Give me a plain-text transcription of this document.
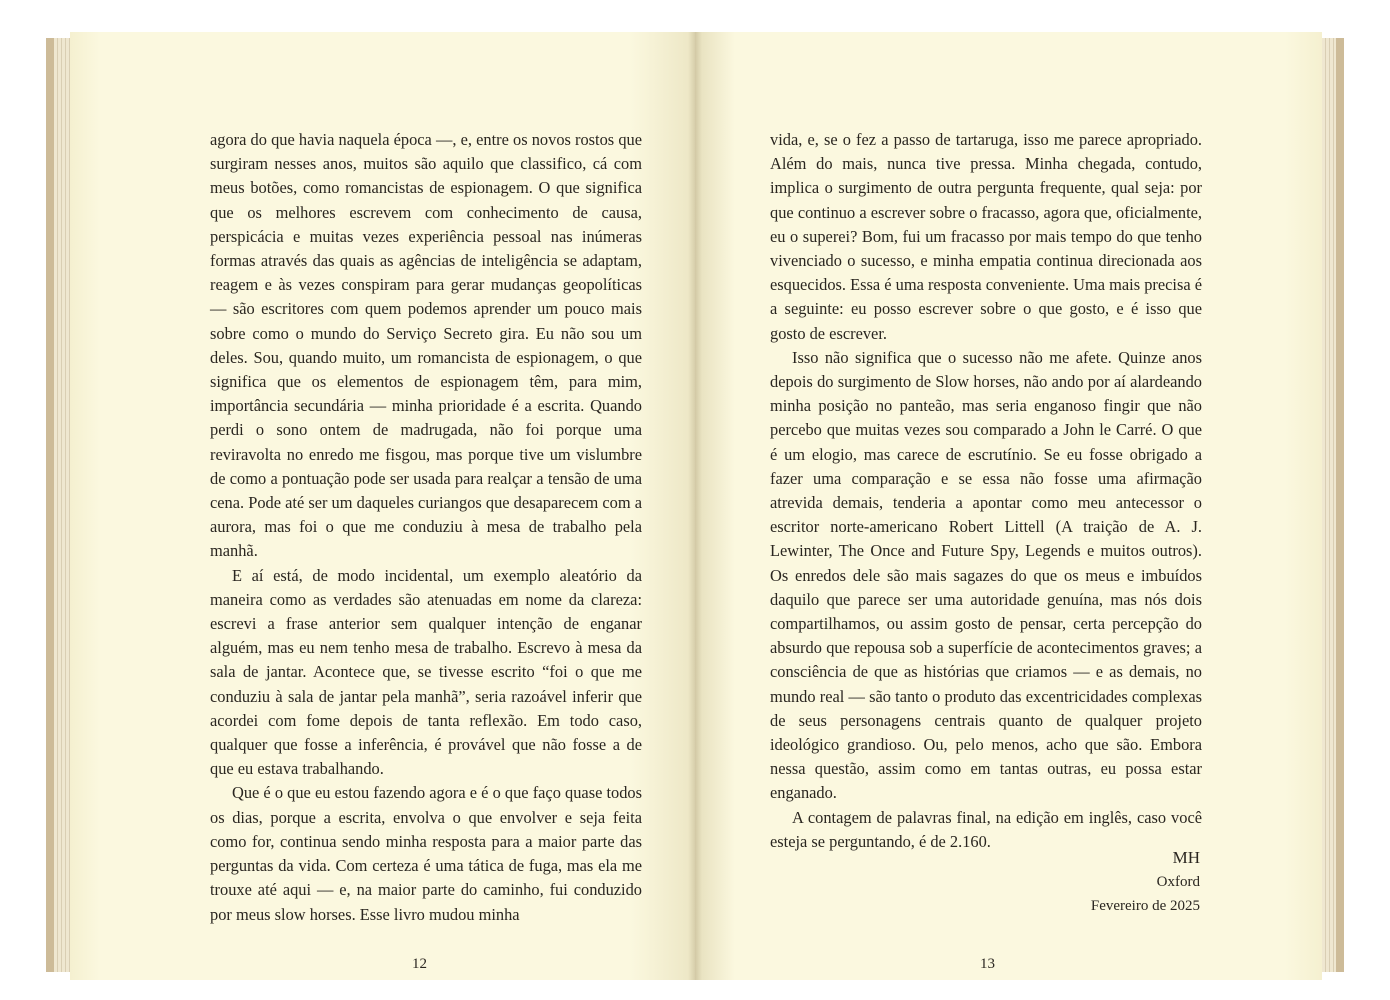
agora do que havia naquela época —, e, entre os novos rostos que surgiram nesses anos, muitos são aquilo que classifico, cá com meus botões, como romancistas de espionagem. O que significa que os melhores escrevem com conhecimento de causa, perspicácia e muitas vezes experiência pessoal nas inúmeras formas através das quais as agências de inteligência se adaptam, reagem e às vezes conspiram para gerar mudanças geopolíticas — são escritores com quem podemos aprender um pouco mais sobre como o mundo do Serviço Secreto gira. Eu não sou um deles. Sou, quando muito, um romancista de espionagem, o que significa que os elementos de espionagem têm, para mim, importância secundária — minha prioridade é a escrita. Quando perdi o sono ontem de madrugada, não foi porque uma reviravolta no enredo me fisgou, mas porque tive um vislumbre de como a pontuação pode ser usada para realçar a tensão de uma cena. Pode até ser um daqueles curiangos que desaparecem com a aurora, mas foi o que me conduziu à mesa de trabalho pela manhã.

E aí está, de modo incidental, um exemplo aleatório da maneira como as verdades são atenuadas em nome da clareza: escrevi a frase anterior sem qualquer intenção de enganar alguém, mas eu nem tenho mesa de trabalho. Escrevo à mesa da sala de jantar. Acontece que, se tivesse escrito “foi o que me conduziu à sala de jantar pela manhã”, seria razoável inferir que acordei com fome depois de tanta reflexão. Em todo caso, qualquer que fosse a inferência, é provável que não fosse a de que eu estava trabalhando.

Que é o que eu estou fazendo agora e é o que faço quase todos os dias, porque a escrita, envolva o que envolver e seja feita como for, continua sendo minha resposta para a maior parte das perguntas da vida. Com certeza é uma tática de fuga, mas ela me trouxe até aqui — e, na maior parte do caminho, fui conduzido por meus slow horses. Esse livro mudou minha

12

vida, e, se o fez a passo de tartaruga, isso me parece apropriado. Além do mais, nunca tive pressa. Minha chegada, contudo, implica o surgimento de outra pergunta frequente, qual seja: por que continuo a escrever sobre o fracasso, agora que, oficialmente, eu o superei? Bom, fui um fracasso por mais tempo do que tenho vivenciado o sucesso, e minha empatia continua direcionada aos esquecidos. Essa é uma resposta conveniente. Uma mais precisa é a seguinte: eu posso escrever sobre o que gosto, e é isso que gosto de escrever.

Isso não significa que o sucesso não me afete. Quinze anos depois do surgimento de Slow horses, não ando por aí alardeando minha posição no panteão, mas seria enganoso fingir que não percebo que muitas vezes sou comparado a John le Carré. O que é um elogio, mas carece de escrutínio. Se eu fosse obrigado a fazer uma comparação e se essa não fosse uma afirmação atrevida demais, tenderia a apontar como meu antecessor o escritor norte-americano Robert Littell (A traição de A. J. Lewinter, The Once and Future Spy, Legends e muitos outros). Os enredos dele são mais sagazes do que os meus e imbuídos daquilo que parece ser uma autoridade genuína, mas nós dois compartilhamos, ou assim gosto de pensar, certa percepção do absurdo que repousa sob a superfície de acontecimentos graves; a consciência de que as histórias que criamos — e as demais, no mundo real — são tanto o produto das excentricidades complexas de seus personagens centrais quanto de qualquer projeto ideológico grandioso. Ou, pelo menos, acho que são. Embora nessa questão, assim como em tantas outras, eu possa estar enganado.

A contagem de palavras final, na edição em inglês, caso você esteja se perguntando, é de 2.160.

MH
Oxford
Fevereiro de 2025
13
